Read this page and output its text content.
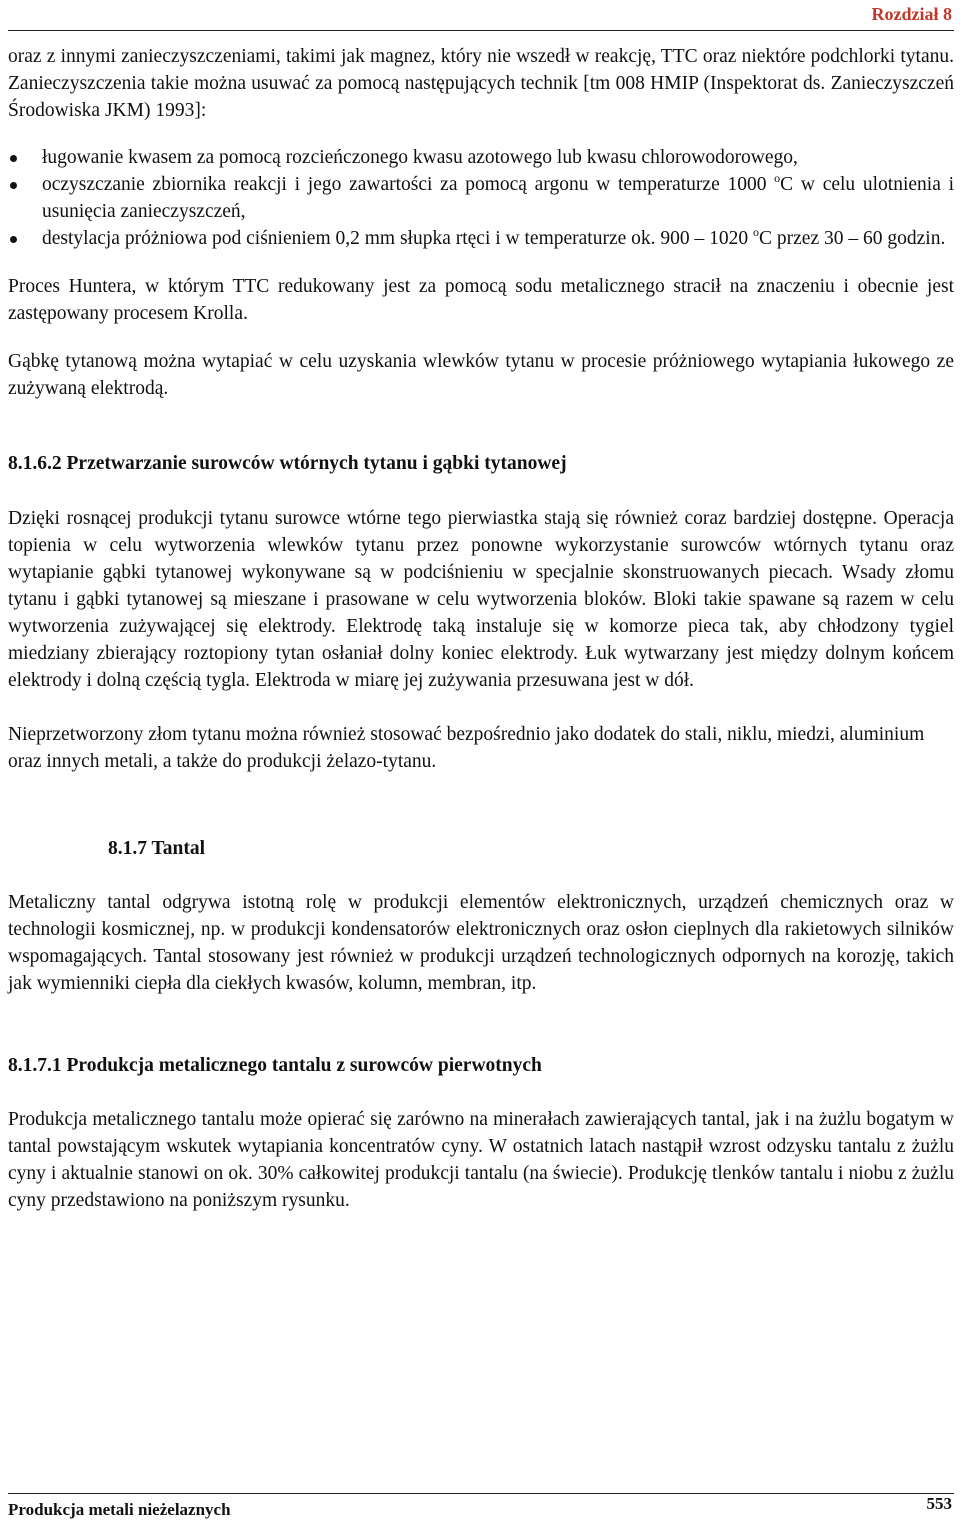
Rozdział 8

oraz z innymi zanieczyszczeniami, takimi jak magnez, który nie wszedł w reakcję, TTC oraz niektóre podchlorki tytanu. Zanieczyszczenia takie można usuwać za pomocą następujących technik [tm 008 HMIP (Inspektorat ds. Zanieczyszczeń Środowiska JKM) 1993]:

ługowanie kwasem za pomocą rozcieńczonego kwasu azotowego lub kwasu chlorowodorowego,
oczyszczanie zbiornika reakcji i jego zawartości za pomocą argonu w temperaturze 1000 $^o$C w celu ulotnienia i usunięcia zanieczyszczeń,
destylacja próżniowa pod ciśnieniem 0,2 mm słupka rtęci i w temperaturze ok. 900 – 1020 $^o$C przez 30 – 60 godzin.

Proces Huntera, w którym TTC redukowany jest za pomocą sodu metalicznego stracił na znaczeniu i obecnie jest zastępowany procesem Krolla.

Gąbkę tytanową można wytapiać w celu uzyskania wlewków tytanu w procesie próżniowego wytapiania łukowego ze zużywaną elektrodą.

8.1.6.2 Przetwarzanie surowców wtórnych tytanu i gąbki tytanowej

Dzięki rosnącej produkcji tytanu surowce wtórne tego pierwiastka stają się również coraz bardziej dostępne. Operacja topienia w celu wytworzenia wlewków tytanu przez ponowne wykorzystanie surowców wtórnych tytanu oraz wytapianie gąbki tytanowej wykonywane są w podciśnieniu w specjalnie skonstruowanych piecach. Wsady złomu tytanu i gąbki tytanowej są mieszane i prasowane w celu wytworzenia bloków. Bloki takie spawane są razem w celu wytworzenia zużywającej się elektrody. Elektrodę taką instaluje się w komorze pieca tak, aby chłodzony tygiel miedziany zbierający roztopiony tytan osłaniał dolny koniec elektrody. Łuk wytwarzany jest między dolnym końcem elektrody i dolną częścią tygla. Elektroda w miarę jej zużywania przesuwana jest w dół.

Nieprzetworzony złom tytanu można również stosować bezpośrednio jako dodatek do stali, niklu, miedzi, aluminium oraz innych metali, a także do produkcji żelazo-tytanu.

8.1.7 Tantal

Metaliczny tantal odgrywa istotną rolę w produkcji elementów elektronicznych, urządzeń chemicznych oraz w technologii kosmicznej, np. w produkcji kondensatorów elektronicznych oraz osłon cieplnych dla rakietowych silników wspomagających. Tantal stosowany jest również w produkcji urządzeń technologicznych odpornych na korozję, takich jak wymienniki ciepła dla ciekłych kwasów, kolumn, membran, itp.

8.1.7.1 Produkcja metalicznego tantalu z surowców pierwotnych

Produkcja metalicznego tantalu może opierać się zarówno na minerałach zawierających tantal, jak i na żużlu bogatym w tantal powstającym wskutek wytapiania koncentratów cyny. W ostatnich latach nastąpił wzrost odzysku tantalu z żużlu cyny i aktualnie stanowi on ok. 30% całkowitej produkcji tantalu (na świecie). Produkcję tlenków tantalu i niobu z żużlu cyny przedstawiono na poniższym rysunku.

Produkcja metali nieżelaznych	553
